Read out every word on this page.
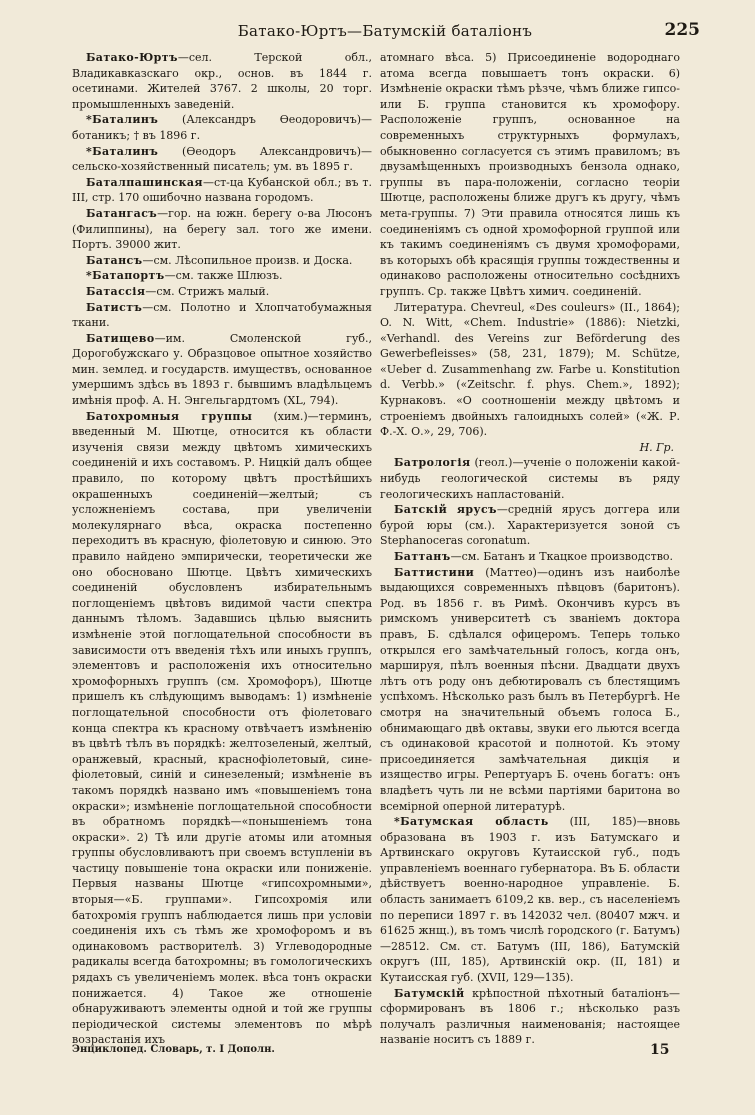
Батако-Юртъ—Батумскій баталіонъ	225

Батако-Юртъ—сел. Терской обл., Владикавказскаго окр., основ. въ 1844 г. осетинами. Жителей 3767. 2 школы, 20 торг. промышленныхъ заведеній.

*Баталинъ (Александръ Өеодоровичъ)—ботаникъ; † въ 1896 г.

*Баталинъ (Өеодоръ Александровичъ)—сельско-хозяйственный писатель; ум. въ 1895 г.

Баталпашинская—ст-ца Кубанской обл.; въ т. III, стр. 170 ошибочно названа городомъ.

Батангасъ—гор. на южн. берегу о-ва Люсонъ (Филиппины), на берегу зал. того же имени. Портъ. 39000 жит.

Батансъ—см. Лѣсопильное произв. и Доска.

*Батапортъ—см. также Шлюзъ.

Батассія—см. Стрижъ малый.

Батистъ—см. Полотно и Хлопчатобумажныя ткани.

Батищево—им. Смоленской губ., Дорогобужскаго у. Образцовое опытное хозяйство мин. землед. и государств. имуществъ, основанное умершимъ здѣсь въ 1893 г. бывшимъ владѣльцемъ имѣнія проф. А. Н. Энгельгардтомъ (XL, 794).

Батохромныя группы (хим.)—терминъ, введенный М. Шютце, относится къ области изученія связи между цвѣтомъ химическихъ соединеній и ихъ составомъ. Р. Ницкій далъ общее правило, по которому цвѣтъ простѣйшихъ окрашенныхъ соединеній—желтый; съ усложненіемъ состава, при увеличеніи молекулярнаго вѣса, окраска постепенно переходитъ въ красную, фіолетовую и синюю. Это правило найдено эмпирически, теоретически же оно обосновано Шютце. Цвѣтъ химическихъ соединеній обусловленъ избирательнымъ поглощеніемъ цвѣтовъ видимой части спектра даннымъ тѣломъ. Задавшись цѣлью выяснить измѣненіе этой поглощательной способности въ зависимости отъ введенія тѣхъ или иныхъ группъ, элементовъ и расположенія ихъ относительно хромофорныхъ группъ (см. Хромофоръ), Шютце пришелъ къ слѣдующимъ выводамъ: 1) измѣненіе поглощательной способности отъ фіолетоваго конца спектра къ красному отвѣчаетъ измѣненію въ цвѣтѣ тѣлъ въ порядкѣ: желтозеленый, желтый, оранжевый, красный, краснофіолетовый, сине-фіолетовый, синій и синезеленый; измѣненіе въ такомъ порядкѣ названо имъ «повышеніемъ тона окраски»; измѣненіе поглощательной способности въ обратномъ порядкѣ—«понышеніемъ тона окраски». 2) Тѣ или другіе атомы или атомныя группы обусловливаютъ при своемъ вступленіи въ частицу повышеніе тона окраски или пониженіе. Первыя названы Шютце «гипсохромными», вторыя—«Б. группами». Гипсохромія или батохромія группъ наблюдается лишь при условіи соединенія ихъ съ тѣмъ же хромофоромъ и въ одинаковомъ растворителѣ. 3) Углеводородные радикалы всегда батохромны; въ гомологическихъ рядахъ съ увеличеніемъ молек. вѣса тонъ окраски понижается. 4) Такое же отношеніе обнаруживаютъ элементы одной и той же группы періодической системы элементовъ по мѣрѣ возрастанія ихъ

атомнаго вѣса. 5) Присоединеніе водороднаго атома всегда повышаетъ тонъ окраски. 6) Измѣненіе окраски тѣмъ рѣзче, чѣмъ ближе гипсо- или Б. группа становится къ хромофору. Расположеніе группъ, основанное на современныхъ структурныхъ формулахъ, обыкновенно согласуется съ этимъ правиломъ; въ двузамѣщенныхъ производныхъ бензола однако, группы въ пара-положеніи, согласно теоріи Шютце, расположены ближе другъ къ другу, чѣмъ мета-группы. 7) Эти правила относятся лишь къ соединеніямъ съ одной хромофорной группой или къ такимъ соединеніямъ съ двумя хромофорами, въ которыхъ обѣ красящія группы тождественны и одинаково расположены относительно сосѣднихъ группъ. Ср. также Цвѣтъ химич. соединеній.

Литература. Chevreul, «Des couleurs» (II., 1864); O. N. Witt, «Chem. Industrie» (1886): Nietzki, «Verhandl. des Vereins zur Beförderung des Gewerbefleisses» (58, 231, 1879); M. Schütze, «Ueber d. Zusammenhang zw. Farbe u. Konstitution d. Verbb.» («Zeitschr. f. phys. Chem.», 1892); Курнаковъ. «О соотношеніи между цвѣтомъ и строеніемъ двойныхъ галоидныхъ солей» («Ж. Р. Ф.-Х. О.», 29, 706).

Н. Гр.

Батрологія (геол.)—ученіе о положеніи какой-нибудь геологической системы въ ряду геологическихъ напластованій.

Батскій ярусъ—средній ярусъ доггера или бурой юры (см.). Характеризуется зоной съ Stephanoceras coronatum.

Баттанъ—см. Батанъ и Ткацкое производство.

Баттистини (Маттео)—одинъ изъ наиболѣе выдающихся современныхъ пѣвцовъ (баритонъ). Род. въ 1856 г. въ Римѣ. Окончивъ курсъ въ римскомъ университетѣ съ званіемъ доктора правъ, Б. сдѣлался офицеромъ. Теперь только открылся его замѣчательный голосъ, когда онъ, маршируя, пѣлъ военныя пѣсни. Двадцати двухъ лѣтъ отъ роду онъ дебютировалъ съ блестящимъ успѣхомъ. Нѣсколько разъ былъ въ Петербургѣ. Не смотря на значительный объемъ голоса Б., обнимающаго двѣ октавы, звуки его льются всегда съ одинаковой красотой и полнотой. Къ этому присоединяется замѣчательная дикція и изящество игры. Репертуаръ Б. очень богатъ: онъ владѣетъ чуть ли не всѣми партіями баритона во всемірной оперной литературѣ.

*Батумская область (III, 185)—вновь образована въ 1903 г. изъ Батумскаго и Артвинскаго округовъ Кутаисской губ., подъ управленіемъ военнаго губернатора. Въ Б. области дѣйствуетъ военно-народное управленіе. Б. область занимаетъ 6109,2 кв. вер., съ населеніемъ по переписи 1897 г. въ 142032 чел. (80407 мжч. и 61625 жнщ.), въ томъ числѣ городского (г. Батумъ)—28512. См. ст. Батумъ (III, 186), Батумскій округъ (III, 185), Артвинскій окр. (II, 181) и Кутаисская губ. (XVII, 129—135).

Батумскій крѣпостной пѣхотный баталіонъ—сформированъ въ 1806 г.; нѣсколько разъ получалъ различныя наименованія; настоящее названіе носитъ съ 1889 г.

Энциклопед. Словарь, т. I Дополн.	15
